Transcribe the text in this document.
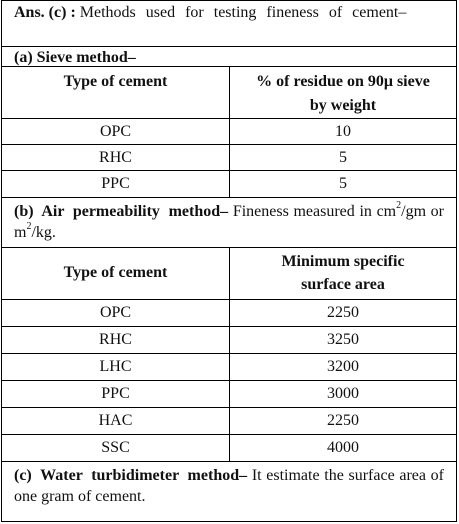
Ans. (c) : Methods used for testing fineness of cement–
(a) Sieve method–
Type of cement	% of residue on 90μ sieve by weight
OPC	10
RHC	5
PPC	5
(b) Air permeability method– Fineness measured in $cm^2/gm$ or $m^2/kg$.
Type of cement	Minimum specific surface area
OPC	2250
RHC	3250
LHC	3200
PPC	3000
HAC	2250
SSC	4000
(c) Water turbidimeter method– It estimate the surface area of one gram of cement.
